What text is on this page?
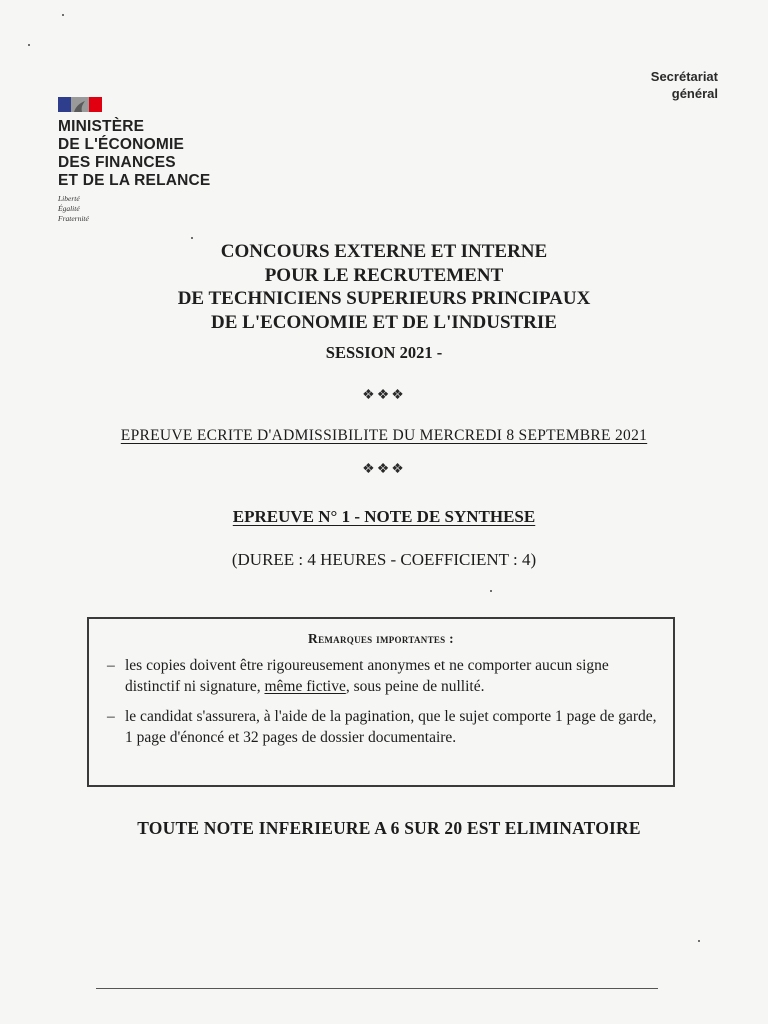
Secrétariat
général
MINISTÈRE
DE L'ÉCONOMIE
DES FINANCES
ET DE LA RELANCE
Liberté
Égalité
Fraternité
CONCOURS EXTERNE ET INTERNE
POUR LE RECRUTEMENT
DE TECHNICIENS SUPERIEURS PRINCIPAUX
DE L'ECONOMIE ET DE L'INDUSTRIE
SESSION 2021 -
❖❖❖
EPREUVE ECRITE D'ADMISSIBILITE DU MERCREDI 8 SEPTEMBRE 2021
❖❖❖
EPREUVE N° 1 - NOTE DE SYNTHESE
(DUREE : 4 HEURES - COEFFICIENT : 4)
Remarques importantes :
– les copies doivent être rigoureusement anonymes et ne comporter aucun signe distinctif ni signature, même fictive, sous peine de nullité.
– le candidat s'assurera, à l'aide de la pagination, que le sujet comporte 1 page de garde, 1 page d'énoncé et 32 pages de dossier documentaire.
TOUTE NOTE INFERIEURE A 6 SUR 20 EST ELIMINATOIRE
